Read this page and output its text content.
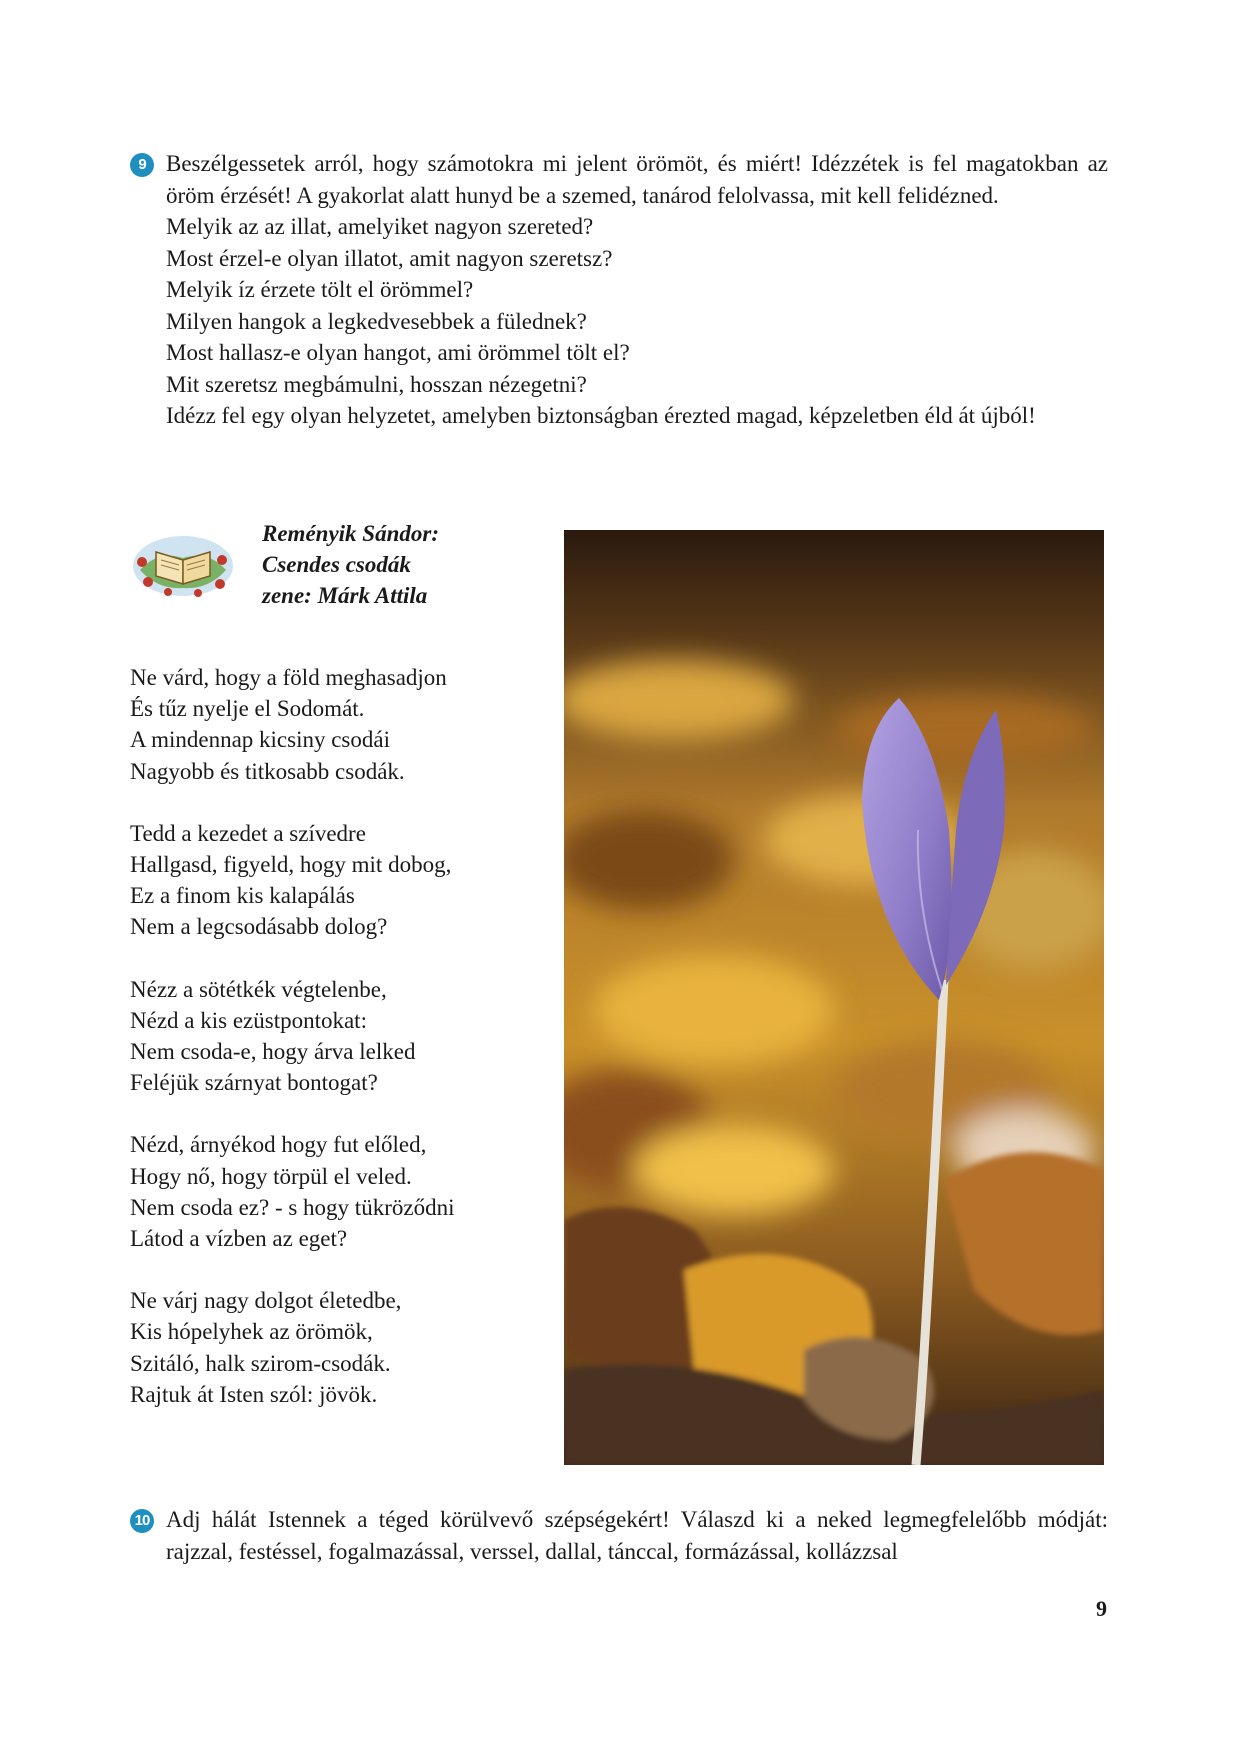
9 Beszélgessetek arról, hogy számotokra mi jelent örömöt, és miért! Idézzétek is fel magatokban az öröm érzését! A gyakorlat alatt hunyd be a szemed, tanárod felolvassa, mit kell felidézned.
Melyik az az illat, amelyiket nagyon szereted?
Most érzel-e olyan illatot, amit nagyon szeretsz?
Melyik íz érzete tölt el örömmel?
Milyen hangok a legkedvesebbek a fülednek?
Most hallasz-e olyan hangot, ami örömmel tölt el?
Mit szeretsz megbámulni, hosszan nézegetni?
Idézz fel egy olyan helyzetet, amelyben biztonságban érezted magad, képzeletben éld át újból!
Reményik Sándor:
Csendes csodák
zene: Márk Attila
Ne várd, hogy a föld meghasadjon
És tűz nyelje el Sodomát.
A mindennap kicsiny csodái
Nagyobb és titkosabb csodák.
Tedd a kezedet a szívedre
Hallgasd, figyeld, hogy mit dobog,
Ez a finom kis kalapálás
Nem a legcsodásabb dolog?
Nézz a sötétkék végtelenbe,
Nézd a kis ezüstpontokat:
Nem csoda-e, hogy árva lelked
Feléjük szárnyat bontogat?
Nézd, árnyékod hogy fut előled,
Hogy nő, hogy törpül el veled.
Nem csoda ez? - s hogy tükröződni
Látod a vízben az eget?
Ne várj nagy dolgot életedbe,
Kis hópelyhek az örömök,
Szitáló, halk szirom-csodák.
Rajtuk át Isten szól: jövök.
10 Adj hálát Istennek a téged körülvevő szépségekért! Válaszd ki a neked legmegfelelőbb módját: rajzzal, festéssel, fogalmazással, verssel, dallal, tánccal, formázással, kollázzsal
9
